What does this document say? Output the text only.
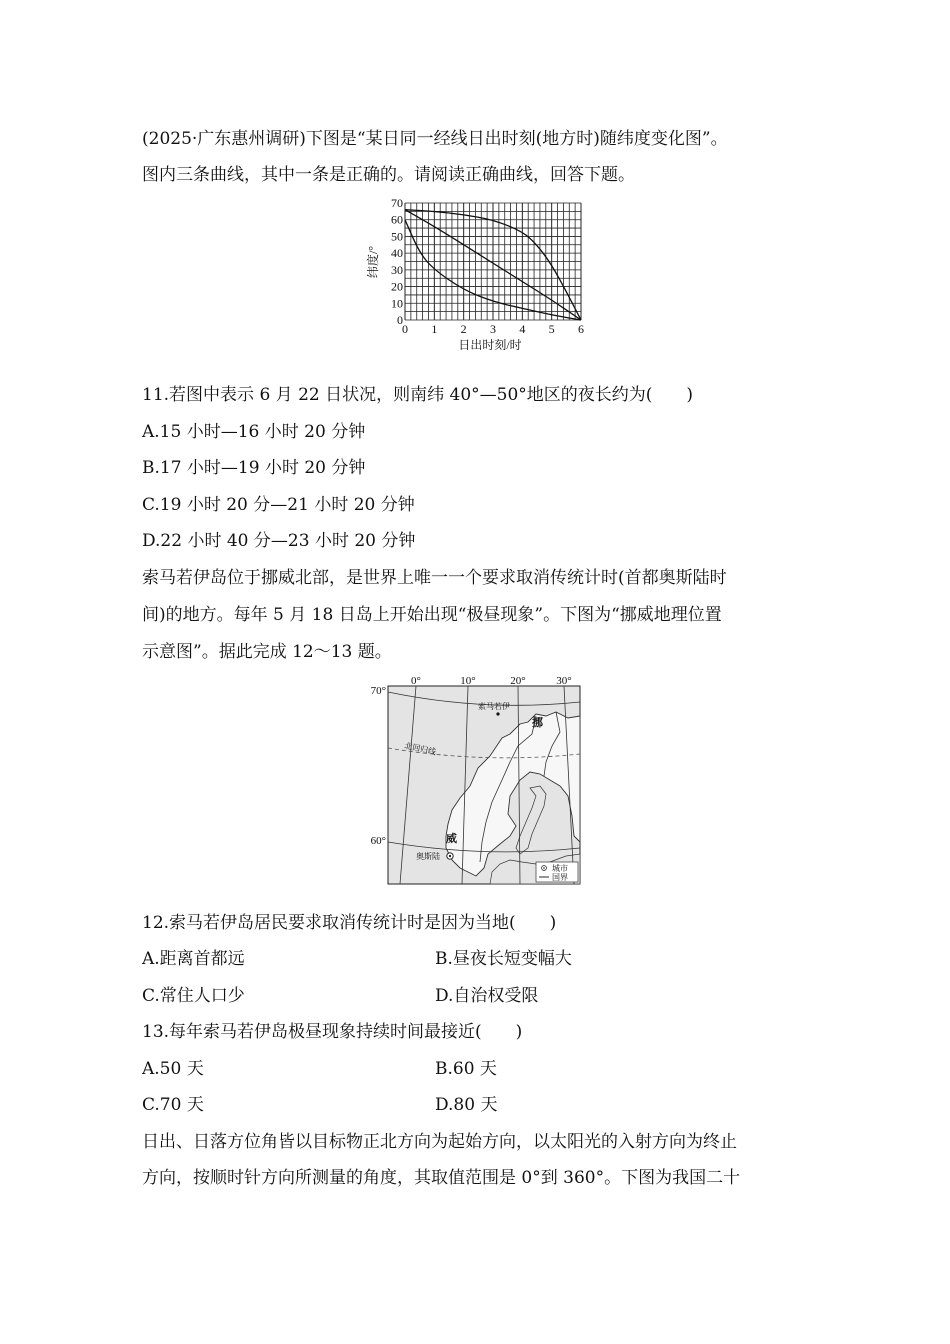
(2025·广东惠州调研)下图是“某日同一经线日出时刻(地方时)随纬度变化图”。
图内三条曲线，其中一条是正确的。请阅读正确曲线，回答下题。
0 1 2 3 4 5 6
0
10
20
30
40
50
60
70
日出时刻/时
纬度/°
11.若图中表示 6 月 22 日状况，则南纬 40°—50°地区的夜长约为(　　)
A.15 小时—16 小时 20 分钟
B.17 小时—19 小时 20 分钟
C.19 小时 20 分—21 小时 20 分钟
D.22 小时 40 分—23 小时 20 分钟
索马若伊岛位于挪威北部，是世界上唯一一个要求取消传统计时(首都奥斯陆时
间)的地方。每年 5 月 18 日岛上开始出现“极昼现象”。下图为“挪威地理位置
示意图”。据此完成 12～13 题。
0°	10°	20°	30°
70°
60°
索马若伊
北回归线
挪
威
奥斯陆
城市
国界
12.索马若伊岛居民要求取消传统计时是因为当地(　　)
A.距离首都远	B.昼夜长短变幅大
C.常住人口少	D.自治权受限
13.每年索马若伊岛极昼现象持续时间最接近(　　)
A.50 天	B.60 天
C.70 天	D.80 天
日出、日落方位角皆以目标物正北方向为起始方向，以太阳光的入射方向为终止
方向，按顺时针方向所测量的角度，其取值范围是 0°到 360°。下图为我国二十
